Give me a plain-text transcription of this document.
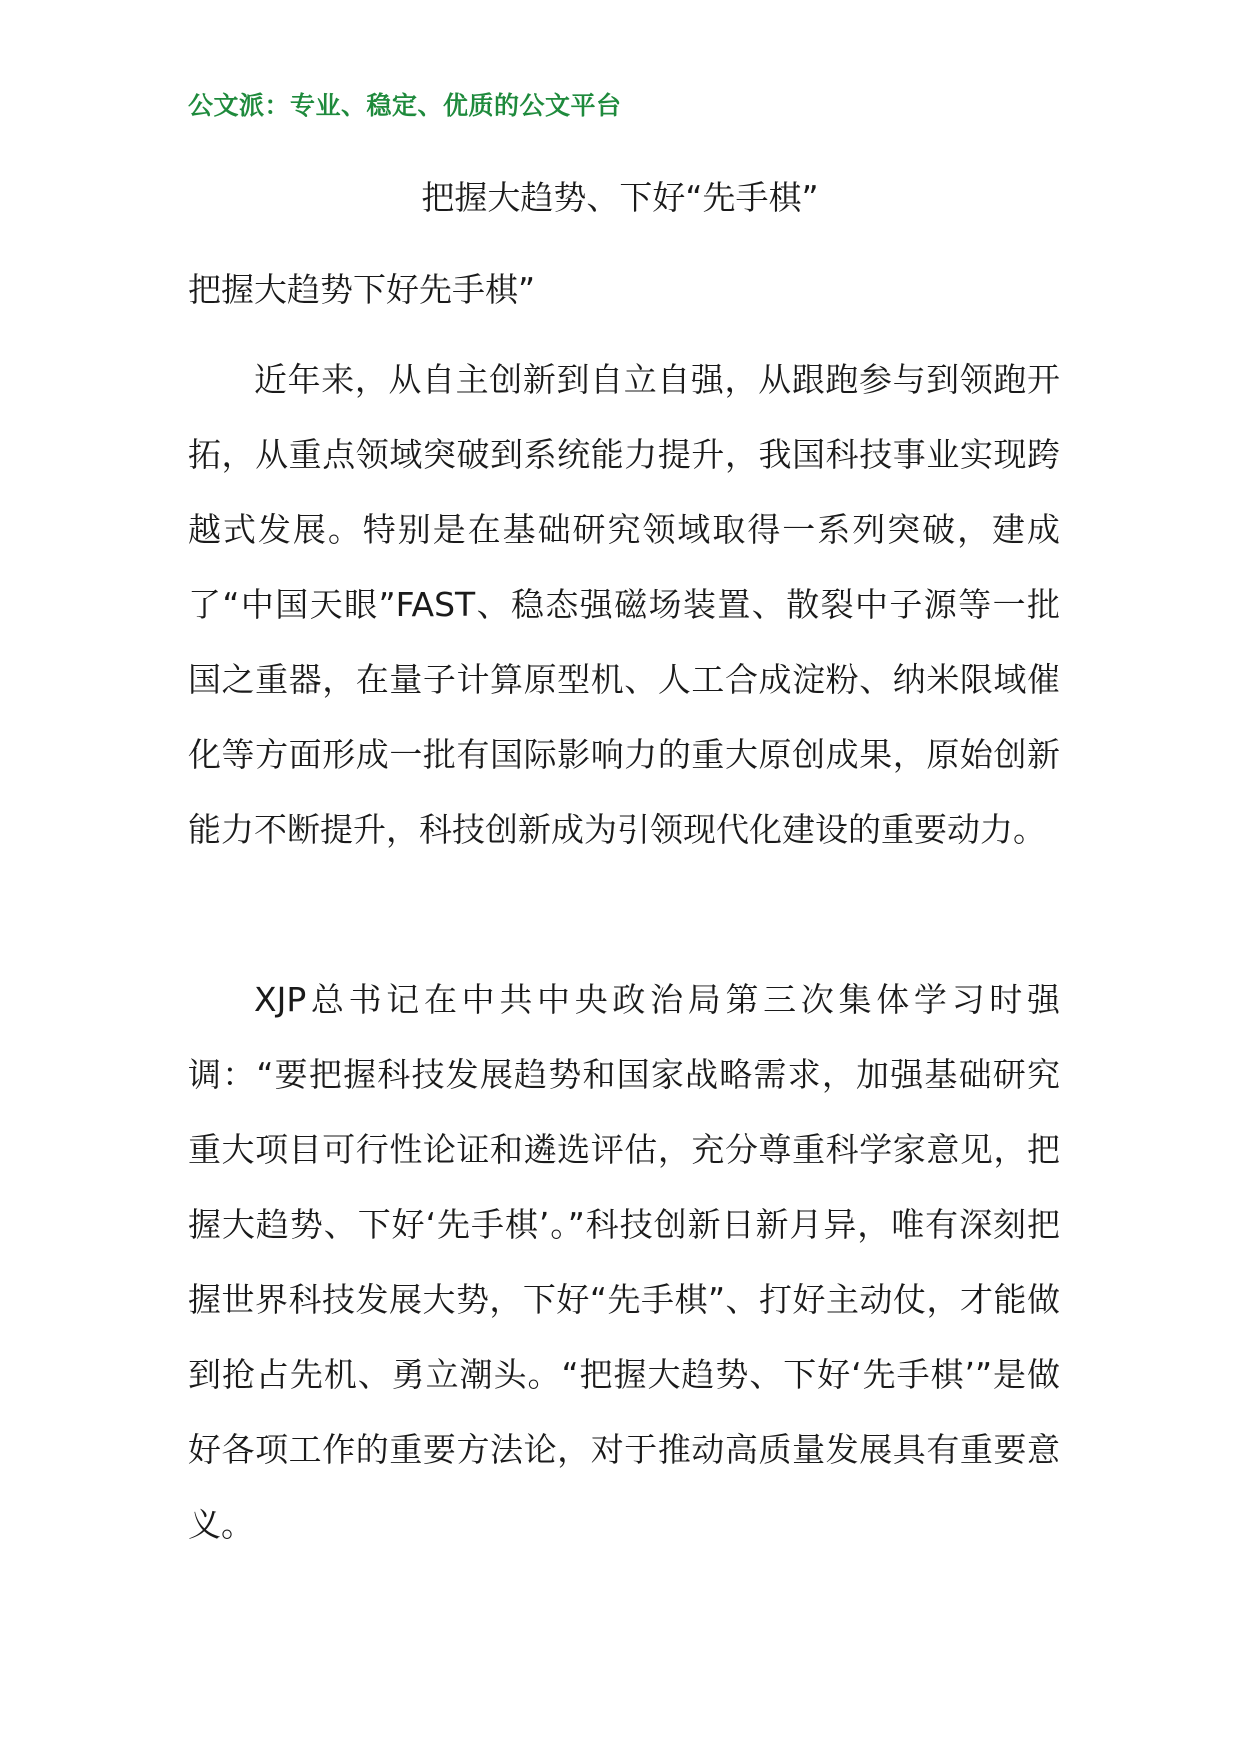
公文派：专业、稳定、优质的公文平台
把握大趋势、下好“先手棋”
把握大趋势下好先手棋”

近年来，从自主创新到自立自强，从跟跑参与到领跑开拓，从重点领域突破到系统能力提升，我国科技事业实现跨越式发展。特别是在基础研究领域取得一系列突破，建成了“中国天眼”FAST、稳态强磁场装置、散裂中子源等一批国之重器，在量子计算原型机、人工合成淀粉、纳米限域催化等方面形成一批有国际影响力的重大原创成果，原始创新能力不断提升，科技创新成为引领现代化建设的重要动力。

XJP总书记在中共中央政治局第三次集体学习时强调：“要把握科技发展趋势和国家战略需求，加强基础研究重大项目可行性论证和遴选评估，充分尊重科学家意见，把握大趋势、下好‘先手棋’。”科技创新日新月异，唯有深刻把握世界科技发展大势，下好“先手棋”、打好主动仗，才能做到抢占先机、勇立潮头。“把握大趋势、下好‘先手棋’”是做好各项工作的重要方法论，对于推动高质量发展具有重要意义。
